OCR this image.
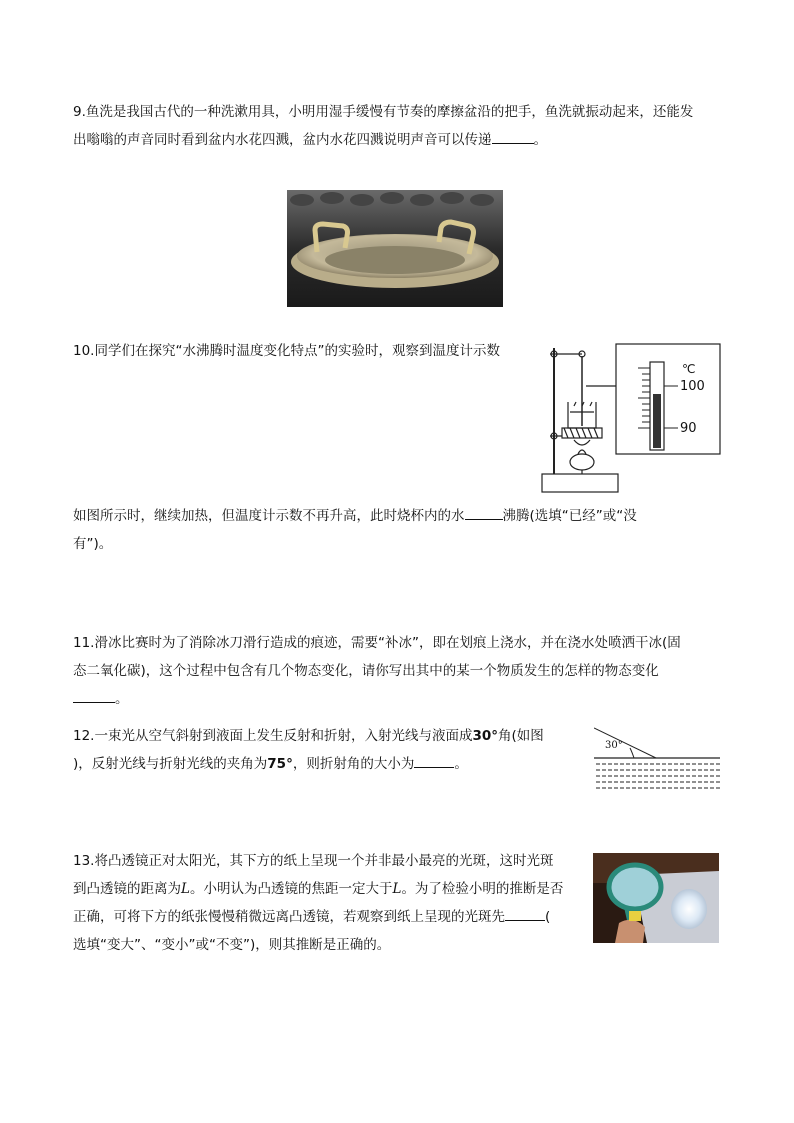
9.鱼洗是我国古代的一种洗漱用具，小明用湿手缓慢有节奏的摩擦盆沿的把手，鱼洗就振动起来，还能发
出嗡嗡的声音同时看到盆内水花四溅，盆内水花四溅说明声音可以传递	。
10.同学们在探究“水沸腾时温度变化特点”的实验时，观察到温度计示数
如图所示时，继续加热，但温度计示数不再升高，此时烧杯内的水	沸腾(选填“已经”或“没
有”)。
℃
100
90
11.滑冰比赛时为了消除冰刀滑行造成的痕迹，需要“补冰”，即在划痕上浇水，并在浇水处喷洒干冰(固
态二氧化碳)，这个过程中包含有几个物态变化，请你写出其中的某一个物质发生的怎样的物态变化
。
12.一束光从空气斜射到液面上发生反射和折射，入射光线与液面成30°角(如图
)，反射光线与折射光线的夹角为75°，则折射角的大小为	。
30°
13.将凸透镜正对太阳光，其下方的纸上呈现一个并非最小最亮的光斑，这时光斑
到凸透镜的距离为L。小明认为凸透镜的焦距一定大于L。为了检验小明的推断是否
正确，可将下方的纸张慢慢稍微远离凸透镜，若观察到纸上呈现的光斑先	(
选填“变大”、“变小”或“不变”)，则其推断是正确的。
